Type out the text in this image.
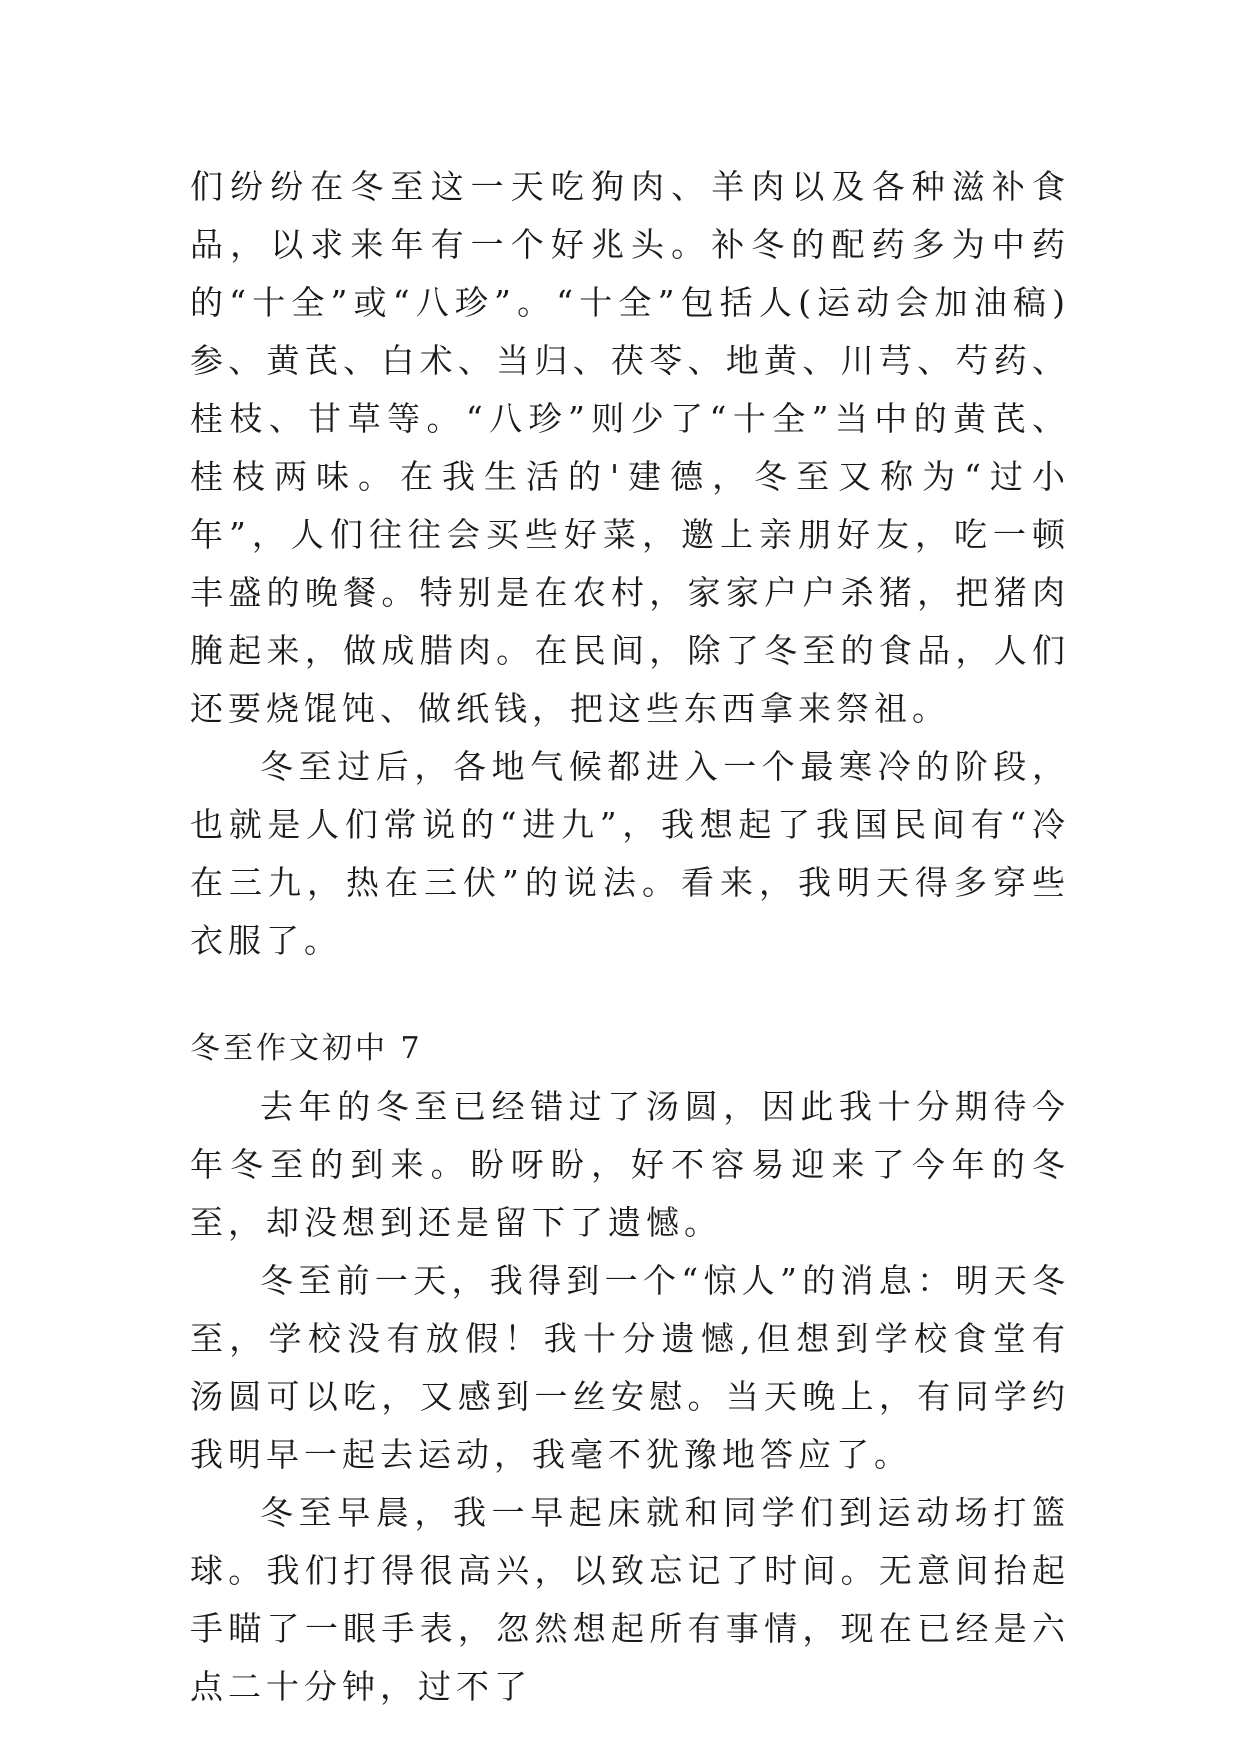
们纷纷在冬至这一天吃狗肉、羊肉以及各种滋补食品，以求来年有一个好兆头。补冬的配药多为中药的“十全”或“八珍”。“十全”包括人(运动会加油稿)参、黄芪、白术、当归、茯苓、地黄、川芎、芍药、桂枝、甘草等。“八珍”则少了“十全”当中的黄芪、桂枝两味。在我生活的'建德，冬至又称为“过小年”，人们往往会买些好菜，邀上亲朋好友，吃一顿丰盛的晚餐。特别是在农村，家家户户杀猪，把猪肉腌起来，做成腊肉。在民间，除了冬至的食品，人们还要烧馄饨、做纸钱，把这些东西拿来祭祖。

冬至过后，各地气候都进入一个最寒冷的阶段，也就是人们常说的“进九”，我想起了我国民间有“冷在三九，热在三伏”的说法。看来，我明天得多穿些衣服了。

冬至作文初中 7

去年的冬至已经错过了汤圆，因此我十分期待今年冬至的到来。盼呀盼，好不容易迎来了今年的冬至，却没想到还是留下了遗憾。

冬至前一天，我得到一个“惊人”的消息：明天冬至，学校没有放假！我十分遗憾,但想到学校食堂有汤圆可以吃，又感到一丝安慰。当天晚上，有同学约我明早一起去运动，我毫不犹豫地答应了。

冬至早晨，我一早起床就和同学们到运动场打篮球。我们打得很高兴，以致忘记了时间。无意间抬起手瞄了一眼手表，忽然想起所有事情，现在已经是六点二十分钟，过不了
